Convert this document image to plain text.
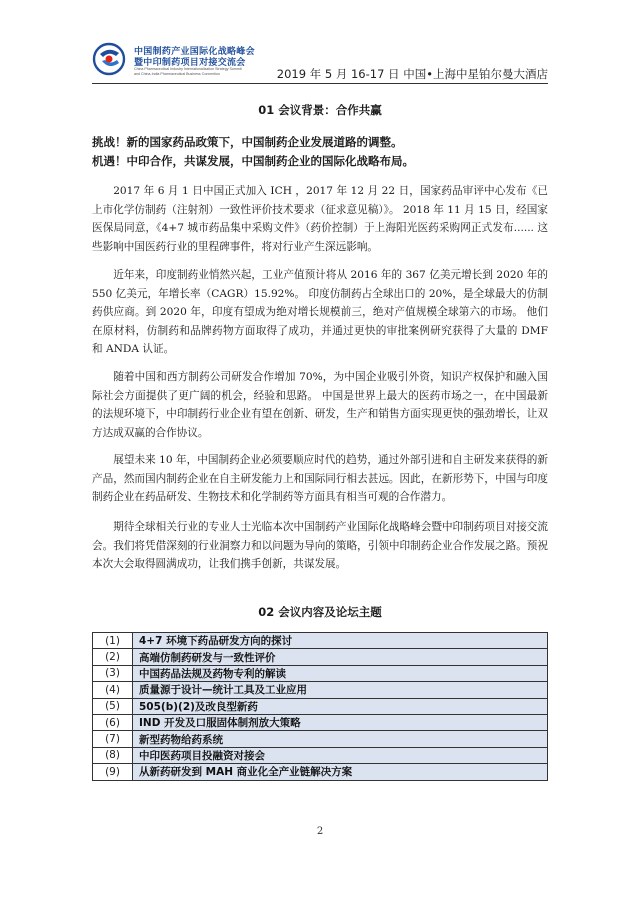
中国制药产业国际化战略峰会
暨中印制药项目对接交流会
China Pharmaceutical Industry Internationalization Strategy Summit
and China-India Pharmaceutical Business Convention	2019 年 5 月 16-17 日 中国•上海中星铂尔曼大酒店
01 会议背景：合作共赢
挑战！新的国家药品政策下，中国制药企业发展道路的调整。
机遇！中印合作，共谋发展，中国制药企业的国际化战略布局。

2017 年 6 月 1 日中国正式加入 ICH ，2017 年 12 月 22 日，国家药品审评中心发布《已上市化学仿制药（注射剂）一致性评价技术要求（征求意见稿）》。 2018 年 11 月 15 日，经国家医保局同意，《4+7 城市药品集中采购文件》（药价控制）于上海阳光医药采购网正式发布...... 这些影响中国医药行业的里程碑事件，将对行业产生深远影响。

近年来，印度制药业悄然兴起，工业产值预计将从 2016 年的 367 亿美元增长到 2020 年的 550 亿美元，年增长率（CAGR）15.92%。 印度仿制药占全球出口的 20%，是全球最大的仿制药供应商。到 2020 年，印度有望成为绝对增长规模前三，绝对产值规模全球第六的市场。 他们在原材料，仿制药和品牌药物方面取得了成功，并通过更快的审批案例研究获得了大量的 DMF 和 ANDA 认证。

随着中国和西方制药公司研发合作增加 70%，为中国企业吸引外资，知识产权保护和融入国际社会方面提供了更广阔的机会，经验和思路。 中国是世界上最大的医药市场之一，在中国最新的法规环境下，中印制药行业企业有望在创新、研发，生产和销售方面实现更快的强劲增长，让双方达成双赢的合作协议。

展望未来 10 年，中国制药企业必须要顺应时代的趋势，通过外部引进和自主研发来获得的新产品，然而国内制药企业在自主研发能力上和国际同行相去甚远。因此，在新形势下，中国与印度制药企业在药品研发、生物技术和化学制药等方面具有相当可观的合作潜力。

期待全球相关行业的专业人士光临本次中国制药产业国际化战略峰会暨中印制药项目对接交流会。我们将凭借深刻的行业洞察力和以问题为导向的策略，引领中印制药企业合作发展之路。预祝本次大会取得圆满成功，让我们携手创新，共谋发展。

02 会议内容及论坛主题
(1)	4+7 环境下药品研发方向的探讨
(2)	高端仿制药研发与一致性评价
(3)	中国药品法规及药物专利的解读
(4)	质量源于设计—统计工具及工业应用
(5)	505(b)(2)及改良型新药
(6)	IND 开发及口服固体制剂放大策略
(7)	新型药物给药系统
(8)	中印医药项目投融资对接会
(9)	从新药研发到 MAH 商业化全产业链解决方案
2
